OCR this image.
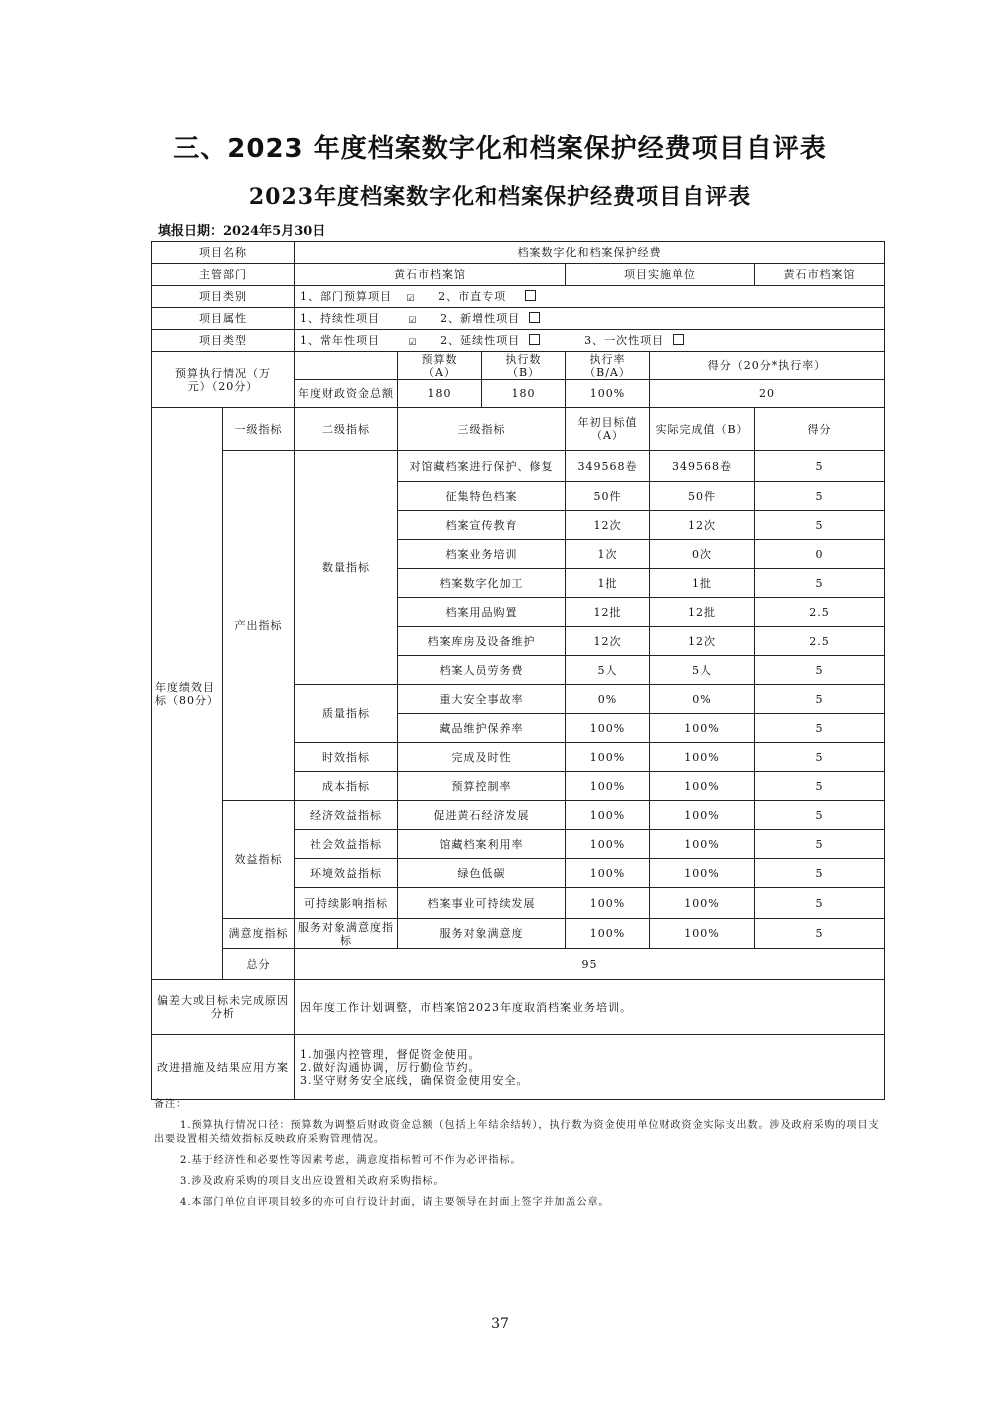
三、2023 年度档案数字化和档案保护经费项目自评表
2023年度档案数字化和档案保护经费项目自评表
填报日期：2024年5月30日
项目名称		档案数字化和档案保护经费					
主管部门		黄石市档案馆			项目实施单位		黄石市档案馆
项目类别		1、部门预算项目 ☑ 2、市直专项					
项目属性		1、持续性项目 ☑ 2、新增性项目					
项目类型		1、常年性项目 ☑ 2、延续性项目 3、一次性项目					
预算执行情况（万元）（20分）			预算数（A）	执行数（B）	执行率（B/A）	得分（20分*执行率）	
		年度财政资金总额	180	180	100%	20	
年度绩效目标（80分）	一级指标	二级指标	三级指标		年初目标值（A）	实际完成值（B）	得分
	产出指标	数量指标	对馆藏档案进行保护、修复		349568卷	349568卷	5
			征集特色档案		50件	50件	5
			档案宣传教育		12次	12次	5
			档案业务培训		1次	0次	0
			档案数字化加工		1批	1批	5
			档案用品购置		12批	12批	2.5
			档案库房及设备维护		12次	12次	2.5
			档案人员劳务费		5人	5人	5
		质量指标	重大安全事故率		0%	0%	5
			藏品维护保养率		100%	100%	5
		时效指标	完成及时性		100%	100%	5
		成本指标	预算控制率		100%	100%	5
	效益指标	经济效益指标	促进黄石经济发展		100%	100%	5
		社会效益指标	馆藏档案利用率		100%	100%	5
		环境效益指标	绿色低碳		100%	100%	5
		可持续影响指标	档案事业可持续发展		100%	100%	5
	满意度指标	服务对象满意度指标	服务对象满意度		100%	100%	5
	总分	95					
偏差大或目标未完成原因分析		因年度工作计划调整，市档案馆2023年度取消档案业务培训。					
改进措施及结果应用方案		1.加强内控管理，督促资金使用。
2.做好沟通协调，厉行勤俭节约。
3.坚守财务安全底线，确保资金使用安全。					

备注：

1.预算执行情况口径：预算数为调整后财政资金总额（包括上年结余结转），执行数为资金使用单位财政资金实际支出数。涉及政府采购的项目支出要设置相关绩效指标反映政府采购管理情况。

2.基于经济性和必要性等因素考虑，满意度指标暂可不作为必评指标。

3.涉及政府采购的项目支出应设置相关政府采购指标。

4.本部门单位自评项目较多的亦可自行设计封面，请主要领导在封面上签字并加盖公章。

37
